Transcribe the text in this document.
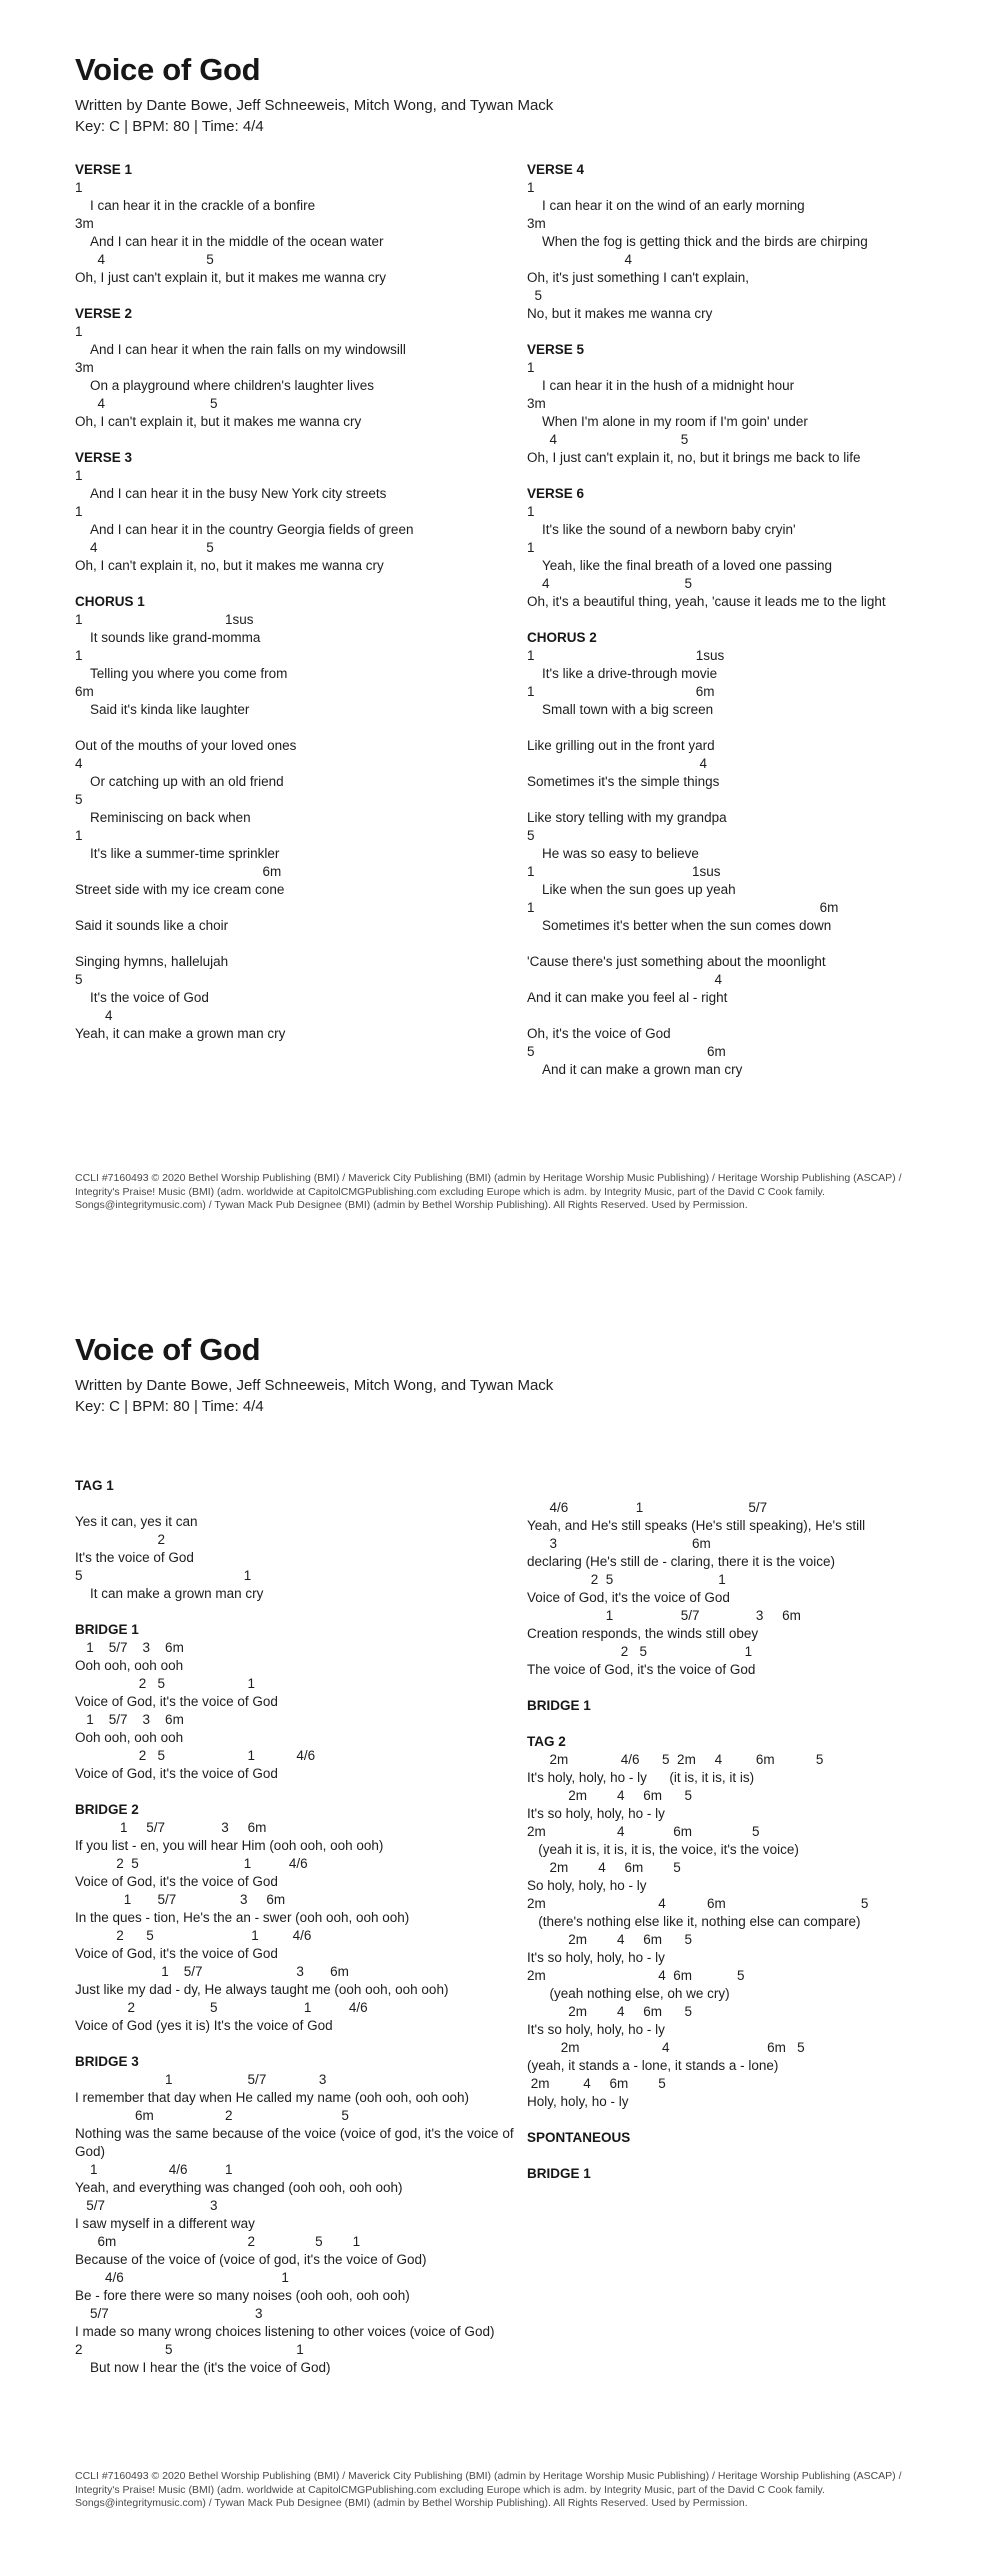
Voice of God
Written by Dante Bowe, Jeff Schneeweis, Mitch Wong, and Tywan Mack
Key: C | BPM: 80 | Time: 4/4
VERSE 1
1
I can hear it in the crackle of a bonfire
3m
And I can hear it in the middle of the ocean water
4                           5
Oh, I just can't explain it, but it makes me wanna cry
VERSE 2
1
And I can hear it when the rain falls on my windowsill
3m
On a playground where children's laughter lives
4                            5
Oh, I can't explain it, but it makes me wanna cry
VERSE 3
1
And I can hear it in the busy New York city streets
1
And I can hear it in the country Georgia fields of green
4                             5
Oh, I can't explain it, no, but it makes me wanna cry
CHORUS 1
1                                      1sus
It sounds like grand-momma
1
Telling you where you come from
6m
Said it's kinda like laughter

Out of the mouths of your loved ones
4
Or catching up with an old friend
5
Reminiscing on back when
1
It's like a summer-time sprinkler
6m
Street side with my ice cream cone

Said it sounds like a choir

Singing hymns, hallelujah
5
It's the voice of God
4
Yeah, it can make a grown man cry
VERSE 4
1
I can hear it on the wind of an early morning
3m
When the fog is getting thick and the birds are chirping
4
Oh, it's just something I can't explain,
5
No, but it makes me wanna cry
VERSE 5
1
I can hear it in the hush of a midnight hour
3m
When I'm alone in my room if I'm goin' under
4                                 5
Oh, I just can't explain it, no, but it brings me back to life
VERSE 6
1
It's like the sound of a newborn baby cryin'
1
Yeah, like the final breath of a loved one passing
4                                    5
Oh, it's a beautiful thing, yeah, 'cause it leads me to the light
CHORUS 2
1                                           1sus
It's like a drive-through movie
1                                           6m
Small town with a big screen

Like grilling out in the front yard
4
Sometimes it's the simple things

Like story telling with my grandpa
5
He was so easy to believe
1                                          1sus
Like when the sun goes up yeah
1                                                                            6m
Sometimes it's better when the sun comes down

'Cause there's just something about the moonlight
4
And it can make you feel al - right

Oh, it's the voice of God
5                                              6m
And it can make a grown man cry
CCLI #7160493 © 2020 Bethel Worship Publishing (BMI) / Maverick City Publishing (BMI) (admin by Heritage Worship Music Publishing) / Heritage Worship Publishing (ASCAP) / Integrity's Praise! Music (BMI) (adm. worldwide at CapitolCMGPublishing.com excluding Europe which is adm. by Integrity Music, part of the David C Cook family. Songs@integritymusic.com) / Tywan Mack Pub Designee (BMI) (admin by Bethel Worship Publishing). All Rights Reserved. Used by Permission.
Voice of God
Written by Dante Bowe, Jeff Schneeweis, Mitch Wong, and Tywan Mack
Key: C | BPM: 80 | Time: 4/4
TAG 1

Yes it can, yes it can
2
It's the voice of God
5                                           1
It can make a grown man cry
BRIDGE 1
1    5/7    3    6m
Ooh ooh, ooh ooh
2   5                      1
Voice of God, it's the voice of God
1    5/7    3    6m
Ooh ooh, ooh ooh
2   5                      1           4/6
Voice of God, it's the voice of God
BRIDGE 2
1     5/7               3     6m
If you list - en, you will hear Him (ooh ooh, ooh ooh)
2  5                            1          4/6
Voice of God, it's the voice of God
1       5/7                 3     6m
In the ques - tion, He's the an - swer (ooh ooh, ooh ooh)
2      5                          1         4/6
Voice of God, it's the voice of God
1    5/7                         3       6m
Just like my dad - dy, He always taught me (ooh ooh, ooh ooh)
2                    5                       1          4/6
Voice of God (yes it is) It's the voice of God
BRIDGE 3
1                    5/7              3
I remember that day when He called my name (ooh ooh, ooh ooh)
6m                   2                             5
Nothing was the same because of the voice (voice of god, it's the voice of God)
1                   4/6          1
Yeah, and everything was changed (ooh ooh, ooh ooh)
5/7                            3
I saw myself in a different way
6m                                   2                5        1
Because of the voice of (voice of god, it's the voice of God)
4/6                                          1
Be - fore there were so many noises (ooh ooh, ooh ooh)
5/7                                       3
I made so many wrong choices listening to other voices (voice of God)
2                      5                                 1
But now I hear the (it's the voice of God)
4/6                  1                            5/7
Yeah, and He's still speaks (He's still speaking), He's still
3                                    6m
declaring (He's still de - claring, there it is the voice)
2  5                            1
Voice of God, it's the voice of God
1                  5/7               3     6m
Creation responds, the winds still obey
2   5                          1
The voice of God, it's the voice of God
BRIDGE 1
TAG 2
2m              4/6      5  2m     4         6m           5
It's holy, holy, ho - ly      (it is, it is, it is)
2m        4     6m      5
It's so holy, holy, ho - ly
2m                   4             6m                5
(yeah it is, it is, it is, the voice, it's the voice)
2m        4     6m        5
So holy, holy, ho - ly
2m                              4           6m                                    5
(there's nothing else like it, nothing else can compare)
2m        4     6m      5
It's so holy, holy, ho - ly
2m                              4  6m            5
(yeah nothing else, oh we cry)
2m        4     6m      5
It's so holy, holy, ho - ly
2m                      4                          6m   5
(yeah, it stands a - lone, it stands a - lone)
2m         4     6m        5
Holy, holy, ho - ly
SPONTANEOUS
BRIDGE 1
CCLI #7160493 © 2020 Bethel Worship Publishing (BMI) / Maverick City Publishing (BMI) (admin by Heritage Worship Music Publishing) / Heritage Worship Publishing (ASCAP) / Integrity's Praise! Music (BMI) (adm. worldwide at CapitolCMGPublishing.com excluding Europe which is adm. by Integrity Music, part of the David C Cook family. Songs@integritymusic.com) / Tywan Mack Pub Designee (BMI) (admin by Bethel Worship Publishing). All Rights Reserved. Used by Permission.
